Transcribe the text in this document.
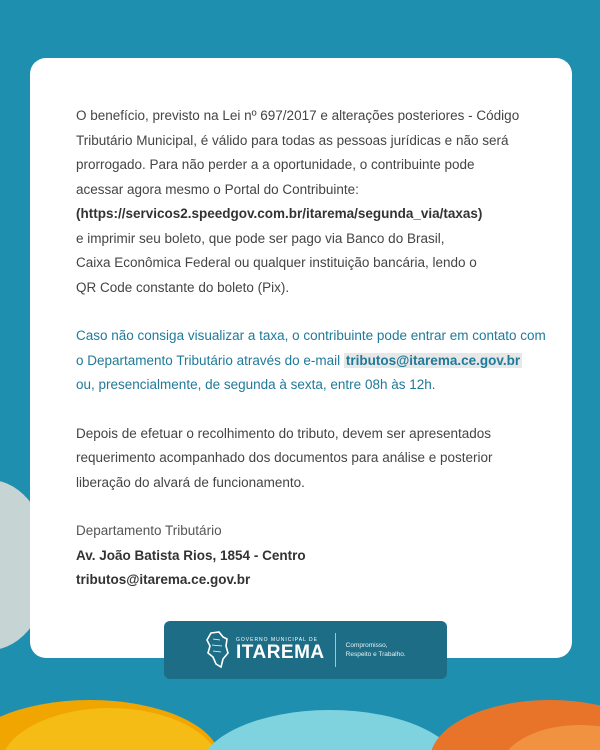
O benefício, previsto na Lei nº 697/2017 e alterações posteriores - Código
Tributário Municipal, é válido para todas as pessoas jurídicas e não será
prorrogado. Para não perder a a oportunidade, o contribuinte pode
acessar agora mesmo o Portal do Contribuinte:
(https://servicos2.speedgov.com.br/itarema/segunda_via/taxas)
e imprimir seu boleto, que pode ser pago via Banco do Brasil,
Caixa Econômica Federal ou qualquer instituição bancária, lendo o
QR Code constante do boleto (Pix).

Caso não consiga visualizar a taxa, o contribuinte pode entrar em contato com
o Departamento Tributário através do e-mail tributos@itarema.ce.gov.br
ou, presencialmente, de segunda à sexta, entre 08h às 12h.

Depois de efetuar o recolhimento do tributo, devem ser apresentados
requerimento acompanhado dos documentos para análise e posterior
liberação do alvará de funcionamento.

Departamento Tributário
Av. João Batista Rios, 1854 - Centro
tributos@itarema.ce.gov.br

GOVERNO MUNICIPAL DE
ITAREMA	Compromisso,
Respeito e Trabalho.
